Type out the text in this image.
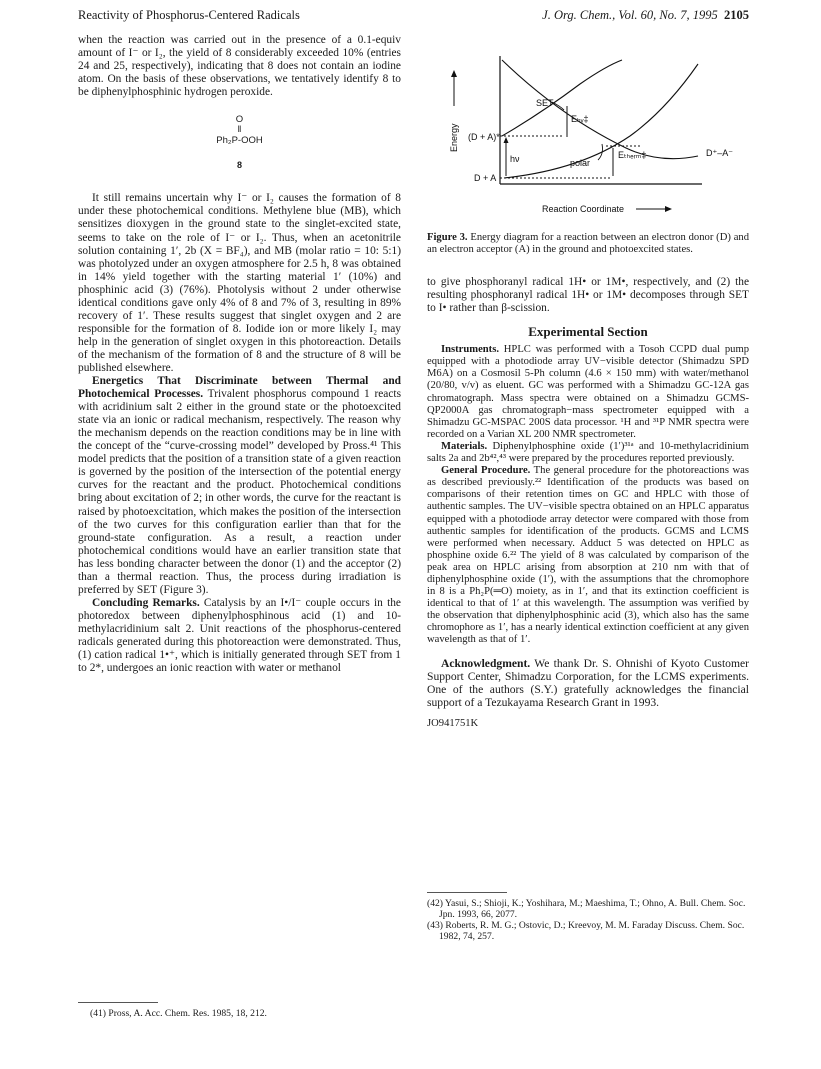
Reactivity of Phosphorus-Centered Radicals	J. Org. Chem., Vol. 60, No. 7, 1995 2105

when the reaction was carried out in the presence of a 0.1-equiv amount of I⁻ or I₂, the yield of 8 considerably exceeded 10% (entries 24 and 25, respectively), indicating that 8 does not contain an iodine atom. On the basis of these observations, we tentatively identify 8 to be diphenylphosphinic hydrogen peroxide.

O
‖
Ph₂P-OOH
8

It still remains uncertain why I⁻ or I₂ causes the formation of 8 under these photochemical conditions. Methylene blue (MB), which sensitizes dioxygen in the ground state to the singlet-excited state, seems to take on the role of I⁻ or I₂. Thus, when an acetonitrile solution containing 1′, 2b (X = BF₄), and MB (molar ratio = 10: 5:1) was photolyzed under an oxygen atmosphere for 2.5 h, 8 was obtained in 14% yield together with the starting material 1′ (10%) and phosphinic acid (3) (76%). Photolysis without 2 under otherwise identical conditions gave only 4% of 8 and 7% of 3, resulting in 89% recovery of 1′. These results suggest that singlet oxygen and 2 are responsible for the formation of 8. Iodide ion or more likely I₂ may help in the generation of singlet oxygen in this photoreaction. Details of the mechanism of the formation of 8 and the structure of 8 will be published elsewhere.

Energetics That Discriminate between Thermal and Photochemical Processes. Trivalent phosphorus compound 1 reacts with acridinium salt 2 either in the ground state or the photoexcited state via an ionic or radical mechanism, respectively. The reason why the mechanism depends on the reaction conditions may be in line with the concept of the “curve-crossing model” developed by Pross.⁴¹ This model predicts that the position of a transition state of a given reaction is governed by the position of the intersection of the potential energy curves for the reactant and the product. Photochemical conditions bring about excitation of 2; in other words, the curve for the reactant is raised by photoexcitation, which makes the position of the intersection of the two curves for this configuration earlier than that for the ground-state configuration. As a result, a reaction under photochemical conditions would have an earlier transition state that has less bonding character between the donor (1) and the acceptor (2) than a thermal reaction. Thus, the process during irradiation is preferred by SET (Figure 3).

Concluding Remarks. Catalysis by an I•/I⁻ couple occurs in the photoredox between diphenylphosphinous acid (1) and 10-methylacridinium salt 2. Unit reactions of the phosphorus-centered radicals generated during this photoreaction were demonstrated. Thus, (1) cation radical 1•⁺, which is initially generated through SET from 1 to 2*, undergoes an ionic reaction with water or methanol

(41) Pross, A. Acc. Chem. Res. 1985, 18, 212.
Energy
SET
Eₕᵥ‡
(D + A)*
hν	polar
Eₜₕₑᵣₘ‡
D + A
D⁺–A⁻
Reaction Coordinate
Figure 3. Energy diagram for a reaction between an electron donor (D) and an electron acceptor (A) in the ground and photoexcited states.

to give phosphoranyl radical 1H• or 1M•, respectively, and (2) the resulting phosphoranyl radical 1H• or 1M• decomposes through SET to I• rather than β-scission.

Experimental Section

Instruments. HPLC was performed with a Tosoh CCPD dual pump equipped with a photodiode array UV−visible detector (Shimadzu SPD M6A) on a Cosmosil 5-Ph column (4.6 × 150 mm) with water/methanol (20/80, v/v) as eluent. GC was performed with a Shimadzu GC-12A gas chromatograph. Mass spectra were obtained on a Shimadzu GCMS-QP2000A gas chromatograph−mass spectrometer equipped with a Shimadzu GC-MSPAC 200S data processor. ¹H and ³¹P NMR spectra were recorded on a Varian XL 200 NMR spectrometer.

Materials. Diphenylphosphine oxide (1′)³¹ᵃ and 10-methylacridinium salts 2a and 2b⁴²,⁴³ were prepared by the procedures reported previously.

General Procedure. The general procedure for the photoreactions was as described previously.²² Identification of the products was based on comparisons of their retention times on GC and HPLC with those of authentic samples. The UV−visible spectra obtained on an HPLC apparatus equipped with a photodiode array detector were compared with those from authentic samples for identification of the products. GCMS and LCMS were performed when necessary. Adduct 5 was detected on HPLC as phosphine oxide 6.²² The yield of 8 was calculated by comparison of the peak area on HPLC arising from absorption at 210 nm with that of diphenylphosphine oxide (1′), with the assumptions that the chromophore in 8 is a Ph₂P(═O) moiety, as in 1′, and that its extinction coefficient is identical to that of 1′ at this wavelength. The assumption was verified by the observation that diphenylphosphinic acid (3), which also has the same chromophore as 1′, has a nearly identical extinction coefficient at any given wavelength as that of 1′.

Acknowledgment. We thank Dr. S. Ohnishi of Kyoto Customer Support Center, Shimadzu Corporation, for the LCMS experiments. One of the authors (S.Y.) gratefully acknowledges the financial support of a Tezukayama Research Grant in 1993.

JO941751K
(42) Yasui, S.; Shioji, K.; Yoshihara, M.; Maeshima, T.; Ohno, A. Bull. Chem. Soc. Jpn. 1993, 66, 2077.
(43) Roberts, R. M. G.; Ostovic, D.; Kreevoy, M. M. Faraday Discuss. Chem. Soc. 1982, 74, 257.
